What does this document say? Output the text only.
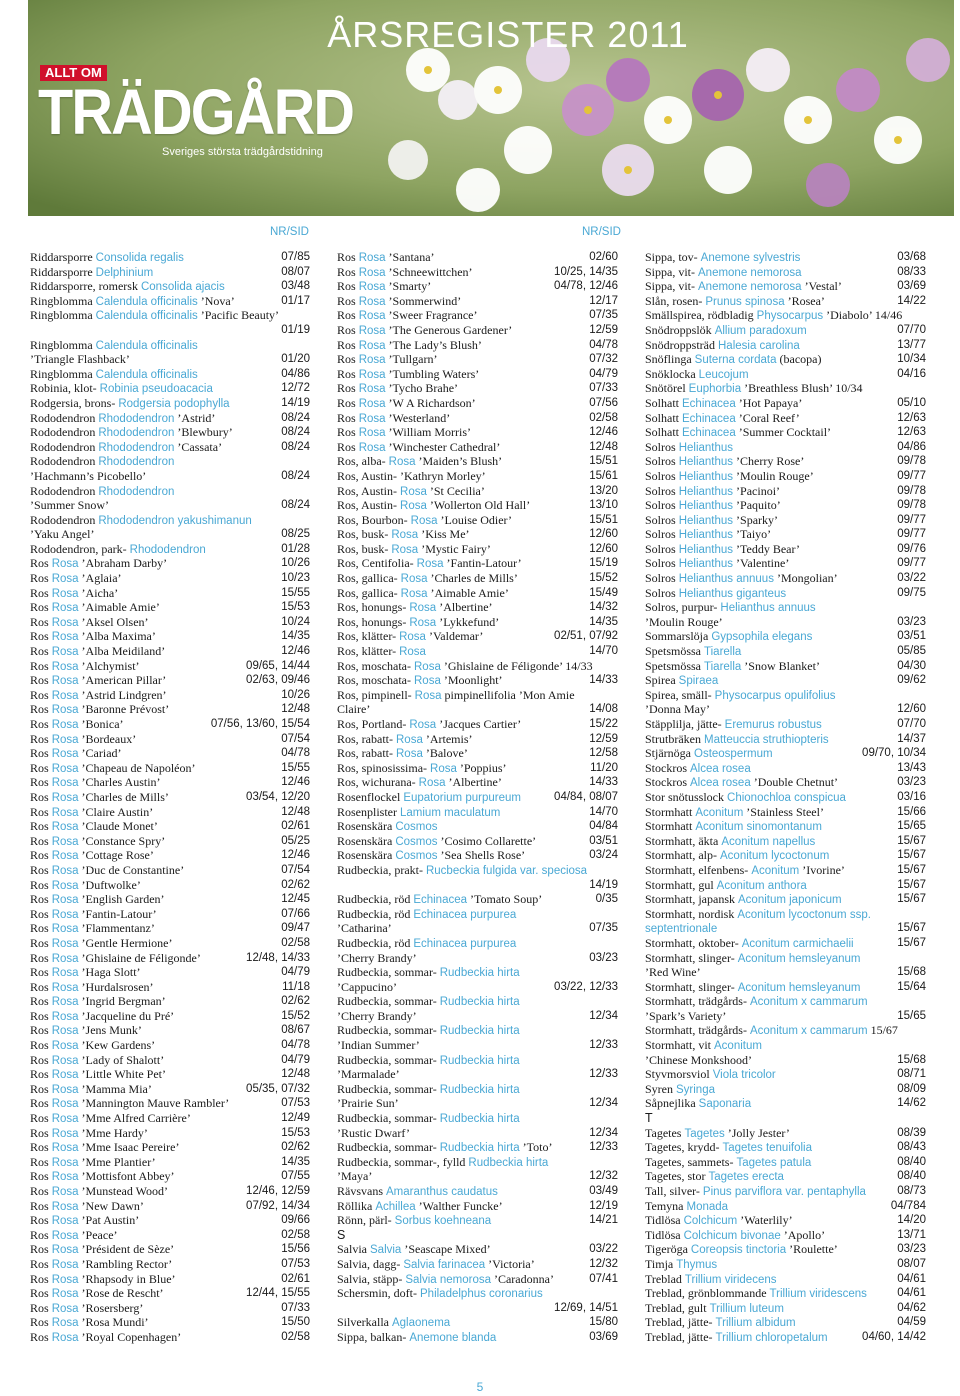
ÅRSREGISTER 2011
ALLT OM
TRÄDGÅRD
Sveriges största trädgårdstidning
NR/SID	NR/SID
Riddarsporre Consolida regalis	07/85
Riddarsporre Delphinium	08/07
Riddarsporre, romersk Consolida ajacis	03/48
Ringblomma Calendula officinalis ’Nova’	01/17
Ringblomma Calendula officinalis ’Pacific Beauty’
01/19
Ringblomma Calendula officinalis
’Triangle Flashback’	01/20
Ringblomma Calendula officinalis	04/86
Robinia, klot- Robinia pseudoacacia	12/72
Rodgersia, brons- Rodgersia podophylla	14/19
Rododendron Rhododendron ’Astrid’	08/24
Rododendron Rhododendron ’Blewbury’	08/24
Rododendron Rhododendron ’Cassata’	08/24
Rododendron Rhododendron
’Hachmann’s Picobello’	08/24
Rododendron Rhododendron
’Summer Snow’	08/24
Rododendron Rhododendron yakushimanun
’Yaku Angel’	08/25
Rododendron, park- Rhododendron	01/28
Ros Rosa ’Abraham Darby’	10/26
Ros Rosa ’Aglaia’	10/23
Ros Rosa ’Aicha’	15/55
Ros Rosa ’Aimable Amie’	15/53
Ros Rosa ’Aksel Olsen’	10/24
Ros Rosa ’Alba Maxima’	14/35
Ros Rosa ’Alba Meidiland’	12/46
Ros Rosa ’Alchymist’	09/65, 14/44
Ros Rosa ’American Pillar’	02/63, 09/46
Ros Rosa ’Astrid Lindgren’	10/26
Ros Rosa ’Baronne Prévost’	12/48
Ros Rosa ’Bonica’	07/56, 13/60, 15/54
Ros Rosa ’Bordeaux’	07/54
Ros Rosa ’Cariad’	04/78
Ros Rosa ’Chapeau de Napoléon’	15/55
Ros Rosa ’Charles Austin’	12/46
Ros Rosa ’Charles de Mills’	03/54, 12/20
Ros Rosa ’Claire Austin’	12/48
Ros Rosa ’Claude Monet’	02/61
Ros Rosa ’Constance Spry’	05/25
Ros Rosa ’Cottage Rose’	12/46
Ros Rosa ’Duc de Constantine’	07/54
Ros Rosa ’Duftwolke’	02/62
Ros Rosa ’English Garden’	12/45
Ros Rosa ’Fantin-Latour’	07/66
Ros Rosa ’Flammentanz’	09/47
Ros Rosa ’Gentle Hermione’	02/58
Ros Rosa ’Ghislaine de Féligonde’	12/48, 14/33
Ros Rosa ’Haga Slott’	04/79
Ros Rosa ’Hurdalsrosen’	11/18
Ros Rosa ’Ingrid Bergman’	02/62
Ros Rosa ’Jacqueline du Pré’	15/52
Ros Rosa ’Jens Munk’	08/67
Ros Rosa ’Kew Gardens’	04/78
Ros Rosa ’Lady of Shalott’	04/79
Ros Rosa ’Little White Pet’	12/48
Ros Rosa ’Mamma Mia’	05/35, 07/32
Ros Rosa ’Mannington Mauve Rambler’	07/53
Ros Rosa ’Mme Alfred Carrière’	12/49
Ros Rosa ’Mme Hardy’	15/53
Ros Rosa ’Mme Isaac Pereire’	02/62
Ros Rosa ’Mme Plantier’	14/35
Ros Rosa ’Mottisfont Abbey’	07/55
Ros Rosa ’Munstead Wood’	12/46, 12/59
Ros Rosa ’New Dawn’	07/92, 14/34
Ros Rosa ’Pat Austin’	09/66
Ros Rosa ’Peace’	02/58
Ros Rosa ’Président de Sèze’	15/56
Ros Rosa ’Rambling Rector’	07/53
Ros Rosa ’Rhapsody in Blue’	02/61
Ros Rosa ’Rose de Rescht’	12/44, 15/55
Ros Rosa ’Rosersberg’	07/33
Ros Rosa ’Rosa Mundi’	15/50
Ros Rosa ’Royal Copenhagen’	02/58
Ros Rosa ’Santana’	02/60
Ros Rosa ’Schneewittchen’	10/25, 14/35
Ros Rosa ’Smarty’	04/78, 12/46
Ros Rosa ’Sommerwind’	12/17
Ros Rosa ’Sweer Fragrance’	07/35
Ros Rosa ’The Generous Gardener’	12/59
Ros Rosa ’The Lady’s Blush’	04/78
Ros Rosa ’Tullgarn’	07/32
Ros Rosa ’Tumbling Waters’	04/79
Ros Rosa ’Tycho Brahe’	07/33
Ros Rosa ’W A Richardson’	07/56
Ros Rosa ’Westerland’	02/58
Ros Rosa ’William Morris’	12/46
Ros Rosa ’Winchester Cathedral’	12/48
Ros, alba- Rosa ’Maiden’s Blush’	15/51
Ros, Austin- ’Kathryn Morley’	15/61
Ros, Austin- Rosa ’St Cecilia’	13/20
Ros, Austin- Rosa ’Wollerton Old Hall’	13/10
Ros, Bourbon- Rosa ’Louise Odier’	15/51
Ros, busk- Rosa ’Kiss Me’	12/60
Ros, busk- Rosa ’Mystic Fairy’	12/60
Ros, Centifolia- Rosa ’Fantin-Latour’	15/19
Ros, gallica- Rosa ’Charles de Mills’	15/52
Ros, gallica- Rosa ’Aimable Amie’	15/49
Ros, honungs- Rosa ’Albertine’	14/32
Ros, honungs- Rosa ’Lykkefund’	14/35
Ros, klätter- Rosa ’Valdemar’	02/51, 07/92
Ros, klätter- Rosa	14/70
Ros, moschata- Rosa ’Ghislaine de Féligonde’ 14/33
Ros, moschata- Rosa ’Moonlight’	14/33
Ros, pimpinell- Rosa pimpinellifolia ’Mon Amie
Claire’	14/08
Ros, Portland- Rosa ’Jacques Cartier’	15/22
Ros, rabatt- Rosa ’Artemis’	12/59
Ros, rabatt- Rosa ’Balove’	12/58
Ros, spinosissima- Rosa ’Poppius’	11/20
Ros, wichurana- Rosa ’Albertine’	14/33
Rosenflockel Eupatorium purpureum	04/84, 08/07
Rosenplister Lamium maculatum	14/70
Rosenskära Cosmos	04/84
Rosenskära Cosmos ’Cosimo Collarette’	03/51
Rosenskära Cosmos ’Sea Shells Rose’	03/24
Rudbeckia, prakt- Rucbeckia fulgida var. speciosa
14/19
Rudbeckia, röd Echinacea ’Tomato Soup’	0/35
Rudbeckia, röd Echinacea purpurea
’Catharina’	07/35
Rudbeckia, röd Echinacea purpurea
’Cherry Brandy’	03/23
Rudbeckia, sommar- Rudbeckia hirta
’Cappucino’	03/22, 12/33
Rudbeckia, sommar- Rudbeckia hirta
’Cherry Brandy’	12/34
Rudbeckia, sommar- Rudbeckia hirta
’Indian Summer’	12/33
Rudbeckia, sommar- Rudbeckia hirta
’Marmalade’	12/33
Rudbeckia, sommar- Rudbeckia hirta
’Prairie Sun’	12/34
Rudbeckia, sommar- Rudbeckia hirta
’Rustic Dwarf’	12/34
Rudbeckia, sommar- Rudbeckia hirta ’Toto’	12/33
Rudbeckia, sommar-, fylld Rudbeckia hirta
’Maya’	12/32
Rävsvans Amaranthus caudatus	03/49
Röllika Achillea ’Walther Funcke’	12/19
Rönn, pärl- Sorbus koehneana	14/21
S
Salvia Salvia ’Seascape Mixed’	03/22
Salvia, dagg- Salvia farinacea ’Victoria’	12/32
Salvia, stäpp- Salvia nemorosa ’Caradonna’	07/41
Schersmin, doft- Philadelphus coronarius
12/69, 14/51
Silverkalla Aglaonema	15/80
Sippa, balkan- Anemone blanda	03/69
Sippa, tov- Anemone sylvestris	03/68
Sippa, vit- Anemone nemorosa	08/33
Sippa, vit- Anemone nemorosa ’Vestal’	03/69
Slån, rosen- Prunus spinosa ’Rosea’	14/22
Smällspirea, rödbladig Physocarpus ’Diabolo’ 14/46
Snödroppslök Allium paradoxum	07/70
Snödroppsträd Halesia carolina	13/77
Snöflinga Suterna cordata (bacopa)	10/34
Snöklocka Leucojum	04/16
Snötörel Euphorbia ’Breathless Blush’ 10/34
Solhatt Echinacea ’Hot Papaya’	05/10
Solhatt Echinacea ’Coral Reef’	12/63
Solhatt Echinacea ’Summer Cocktail’	12/63
Solros Helianthus	04/86
Solros Helianthus ’Cherry Rose’	09/78
Solros Helianthus ’Moulin Rouge’	09/77
Solros Helianthus ’Pacinoi’	09/78
Solros Helianthus ’Paquito’	09/78
Solros Helianthus ’Sparky’	09/77
Solros Helianthus ’Taiyo’	09/77
Solros Helianthus ’Teddy Bear’	09/76
Solros Helianthus ’Valentine’	09/77
Solros Helianthus annuus ’Mongolian’	03/22
Solros Helianthus giganteus	09/75
Solros, purpur- Helianthus annuus
’Moulin Rouge’	03/23
Sommarslöja Gypsophila elegans	03/51
Spetsmössa Tiarella	05/85
Spetsmössa Tiarella ’Snow Blanket’	04/30
Spirea Spiraea	09/62
Spirea, smäll- Physocarpus opulifolius
’Donna May’	12/60
Stäpplilja, jätte- Eremurus robustus	07/70
Strutbräken Matteuccia struthiopteris	14/37
Stjärnöga Osteospermum	09/70, 10/34
Stockros Alcea rosea	13/43
Stockros Alcea rosea ’Double Chetnut’	03/23
Stor snötusslock Chionochloa conspicua	03/16
Stormhatt Aconitum ’Stainless Steel’	15/66
Stormhatt Aconitum sinomontanum	15/65
Stormhatt, äkta Aconitum napellus	15/67
Stormhatt, alp- Aconitum lycoctonum	15/67
Stormhatt, elfenbens- Aconitum ’Ivorine’	15/67
Stormhatt, gul Aconitum anthora	15/67
Stormhatt, japansk Aconitum japonicum	15/67
Stormhatt, nordisk Aconitum lycoctonum ssp.
septentrionale	15/67
Stormhatt, oktober- Aconitum carmichaelii	15/67
Stormhatt, slinger- Aconitum hemsleyanum
’Red Wine’	15/68
Stormhatt, slinger- Aconitum hemsleyanum	15/64
Stormhatt, trädgårds- Aconitum x cammarum
’Spark’s Variety’	15/65
Stormhatt, trädgårds- Aconitum x cammarum 15/67
Stormhatt, vit Aconitum
’Chinese Monkshood’	15/68
Styvmorsviol Viola tricolor	08/71
Syren Syringa	08/09
Såpnejlika Saponaria	14/62
T
Tagetes Tagetes ’Jolly Jester’	08/39
Tagetes, krydd- Tagetes tenuifolia	08/43
Tagetes, sammets- Tagetes patula	08/40
Tagetes, stor Tagetes erecta	08/40
Tall, silver- Pinus parviflora var. pentaphylla	08/73
Temyna Monada	04/784
Tidlösa Colchicum ’Waterlily’	14/20
Tidlösa Colchicum bivonae ’Apollo’	13/71
Tigeröga Coreopsis tinctoria ’Roulette’	03/23
Timja Thymus	08/07
Treblad Trillium viridecens	04/61
Treblad, grönblommande Trillium viridescens	04/61
Treblad, gult Trillium luteum	04/62
Treblad, jätte- Trillium albidum	04/59
Treblad, jätte- Trillium chloropetalum	04/60, 14/42
5
